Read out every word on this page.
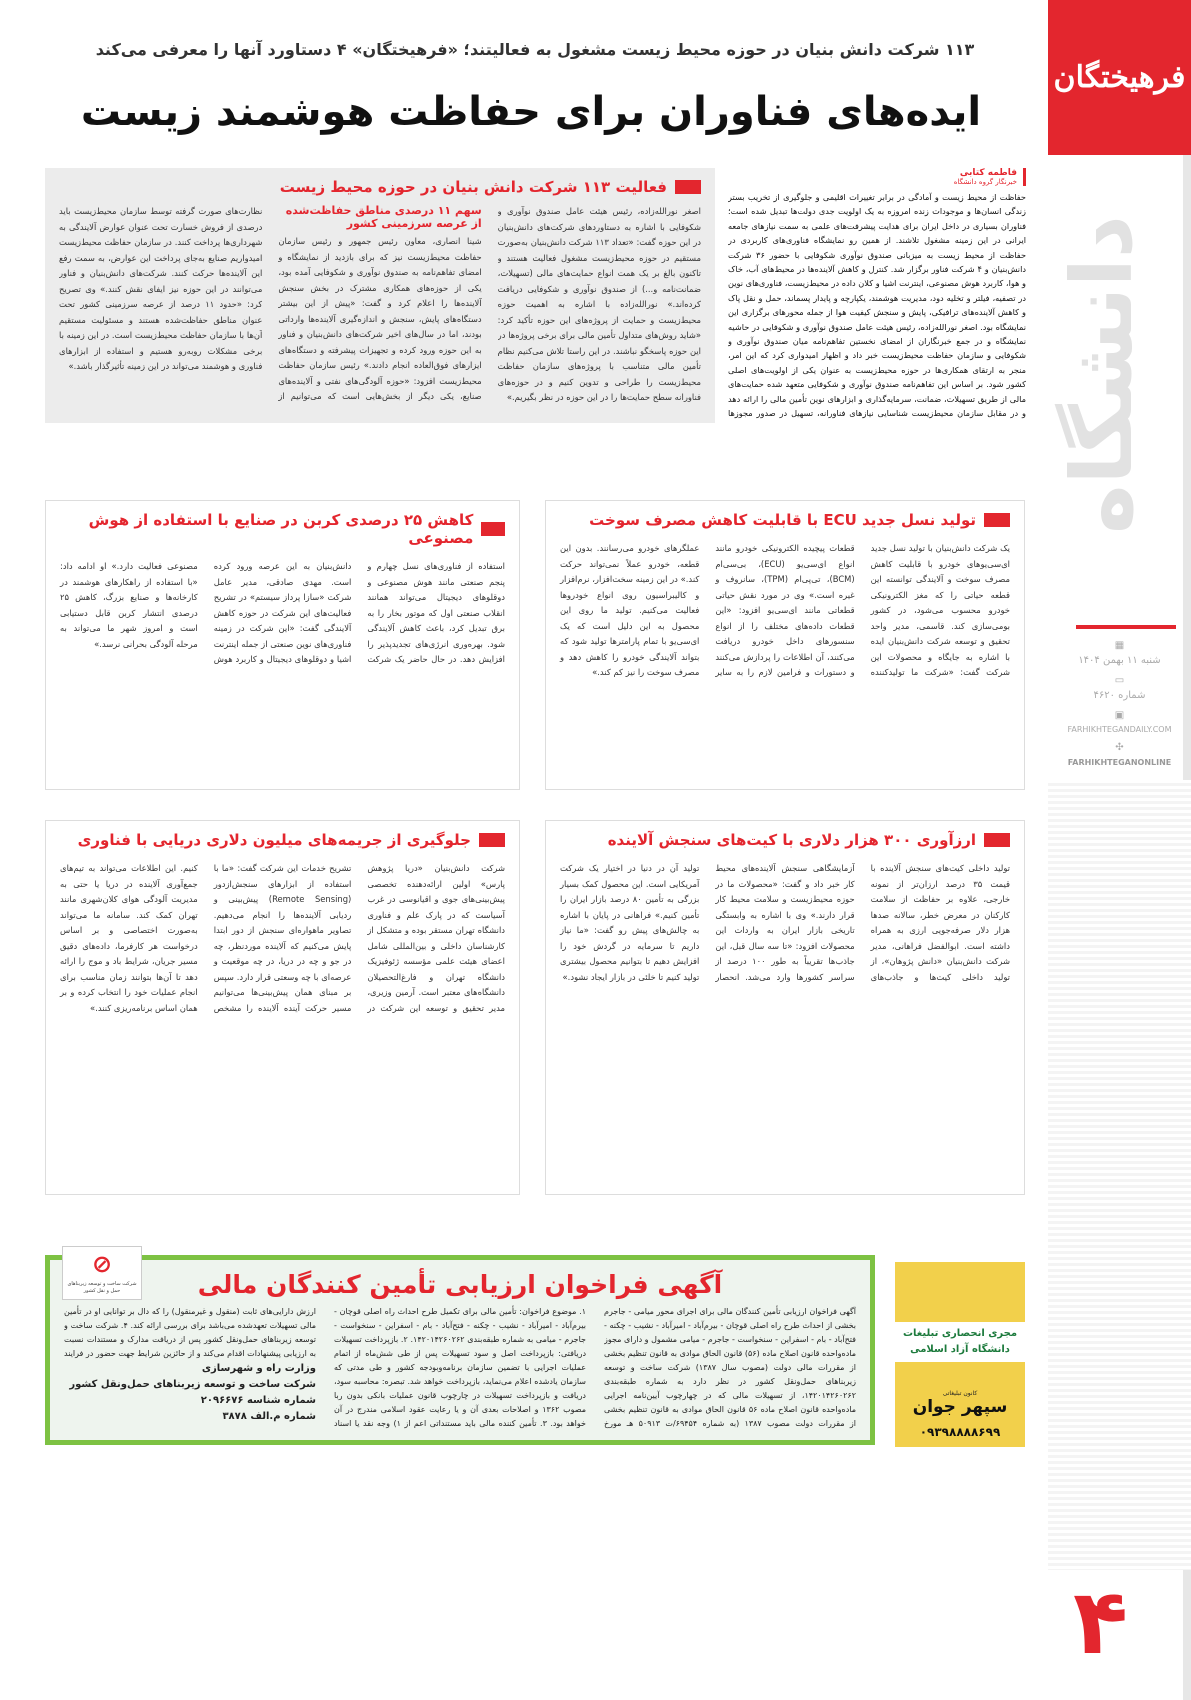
فرهیختگان
دانشگاه
▦
شنبه ۱۱ بهمن ۱۴۰۴
▭
شماره ۴۶۲۰
▣
FARHIKHTEGANDAILY.COM
✣
FARHIKHTEGANONLINE
۴
۱۱۳ شرکت دانش بنیان در حوزه محیط زیست مشغول به فعالیتند؛ «فرهیختگان» ۴ دستاورد آنها را معرفی می‌کند
ایده‌های فناوران برای حفاظت هوشمند زیست
فاطمه کتابی
خبرنگار گروه دانشگاه
حفاظت از محیط زیست و آمادگی در برابر تغییرات اقلیمی و جلوگیری از تخریب بستر زندگی انسان‌ها و موجودات زنده امروزه به یک اولویت جدی دولت‌ها تبدیل شده است؛ فناوران بسیاری در داخل ایران برای هدایت پیشرفت‌های علمی به سمت نیازهای جامعه ایرانی در این زمینه مشغول تلاشند. از همین رو نمایشگاه فناوری‌های کاربردی در حفاظت از محیط زیست به میزبانی صندوق نوآوری شکوفایی با حضور ۳۶ شرکت دانش‌بنیان و ۴ شرکت فناور برگزار شد. کنترل و کاهش آلاینده‌ها در محیط‌های آب، خاک و هوا، کاربرد هوش مصنوعی، اینترنت اشیا و کلان داده در محیط‌زیست، فناوری‌های نوین در تصفیه، فیلتر و تخلیه دود، مدیریت هوشمند، یکپارچه و پایدار پسماند، حمل و نقل پاک و کاهش آلاینده‌های ترافیکی، پایش و سنجش کیفیت هوا از جمله محورهای برگزاری این نمایشگاه بود. اصغر نورالله‌زاده، رئیس هیئت عامل صندوق نوآوری و شکوفایی در حاشیه نمایشگاه و در جمع خبرنگاران از امضای نخستین تفاهم‌نامه میان صندوق نوآوری و شکوفایی و سازمان حفاظت محیط‌زیست خبر داد و اظهار امیدواری کرد که این امر، منجر به ارتقای همکاری‌ها در حوزه محیط‌زیست به عنوان یکی از اولویت‌های اصلی کشور شود. بر اساس این تفاهم‌نامه صندوق نوآوری و شکوفایی متعهد شده حمایت‌های مالی از طریق تسهیلات، ضمانت، سرمایه‌گذاری و ابزارهای نوین تأمین مالی را ارائه دهد و در مقابل سازمان محیط‌زیست شناسایی نیازهای فناورانه، تسهیل در صدور مجوزها
فعالیت ۱۱۳ شرکت دانش بنیان در حوزه محیط زیست
اصغر نورالله‌زاده، رئیس هیئت عامل صندوق نوآوری و شکوفایی با اشاره به دستاوردهای شرکت‌های دانش‌بنیان در این حوزه گفت: «تعداد ۱۱۳ شرکت دانش‌بنیان به‌صورت مستقیم در حوزه محیط‌زیست مشغول فعالیت هستند و تاکنون بالغ بر یک همت انواع حمایت‌های مالی (تسهیلات، ضمانت‌نامه و...) از صندوق نوآوری و شکوفایی دریافت کرده‌اند.» نورالله‌زاده با اشاره به اهمیت حوزه محیط‌زیست و حمایت از پروژه‌های این حوزه تأکید کرد: «شاید روش‌های متداول تأمین مالی برای برخی پروژه‌ها در این حوزه پاسخگو نباشند. در این راستا تلاش می‌کنیم نظام تأمین مالی متناسب با پروژه‌های سازمان حفاظت محیط‌زیست را طراحی و تدوین کنیم و در حوزه‌های فناورانه سطح حمایت‌ها را در این حوزه در نظر بگیریم.»
سهم ۱۱ درصدی مناطق حفاظت‌شده از عرصه سرزمینی کشور
شینا انصاری، معاون رئیس جمهور و رئیس سازمان حفاظت محیط‌زیست نیز که برای بازدید از نمایشگاه و امضای تفاهم‌نامه به صندوق نوآوری و شکوفایی آمده بود، یکی از حوزه‌های همکاری مشترک در بخش سنجش آلاینده‌ها را اعلام کرد و گفت: «پیش از این بیشتر دستگاه‌های پایش، سنجش و اندازه‌گیری آلاینده‌ها وارداتی بودند، اما در سال‌های اخیر شرکت‌های دانش‌بنیان و فناور به این حوزه ورود کرده و تجهیزات پیشرفته و دستگاه‌های ایزارهای فوق‌العاده انجام دادند.» رئیس سازمان حفاظت محیط‌زیست افزود: «حوزه آلودگی‌های نفتی و آلاینده‌های صنایع، یکی دیگر از بخش‌هایی است که می‌توانیم از
نظارت‌های صورت گرفته توسط سازمان محیط‌زیست باید درصدی از فروش خسارت تحت عنوان عوارض آلایندگی به شهرداری‌ها پرداخت کنند. در سازمان حفاظت محیط‌زیست امیدواریم صنایع به‌جای پرداخت این عوارض، به سمت رفع این آلاینده‌ها حرکت کنند. شرکت‌های دانش‌بنیان و فناور می‌توانند در این حوزه نیز ایفای نقش کنند.» وی تصریح کرد: «حدود ۱۱ درصد از عرصه سرزمینی کشور تحت عنوان مناطق حفاظت‌شده هستند و مسئولیت مستقیم آن‌ها با سازمان حفاظت محیط‌زیست است. در این زمینه با برخی مشکلات روبه‌رو هستیم و استفاده از ابزارهای فناوری و هوشمند می‌تواند در این زمینه تأثیرگذار باشد.»
تولید نسل جدید ECU با قابلیت کاهش مصرف سوخت
یک شرکت دانش‌بنیان با تولید نسل جدید ای‌سی‌یو‌های خودرو با قابلیت کاهش مصرف سوخت و آلایندگی توانسته این قطعه حیاتی را که مغز الکترونیکی خودرو محسوب می‌شود، در کشور بومی‌سازی کند. قاسمی، مدیر واحد تحقیق و توسعه شرکت دانش‌بنیان ایده با اشاره به جایگاه و محصولات این شرکت گفت: «شرکت ما تولیدکننده قطعات پیچیده الکترونیکی خودرو مانند انواع ای‌سی‌یو (ECU)، بی‌سی‌ام (BCM)، تی‌پی‌ام (TPM)، سانروف و غیره است.» وی در مورد نقش حیاتی قطعاتی مانند ای‌سی‌یو افزود: «این قطعات داده‌های مختلف را از انواع سنسورهای داخل خودرو دریافت می‌کنند، آن اطلاعات را پردازش می‌کنند و دستورات و فرامین لازم را به سایر عملگرهای خودرو می‌رسانند. بدون این قطعه، خودرو عملاً نمی‌تواند حرکت کند.» در این زمینه سخت‌افزار، نرم‌افزار و کالیبراسیون روی انواع خودروها فعالیت می‌کنیم. تولید ما روی این محصول به این دلیل است که یک ای‌سی‌یو با تمام پارامترها تولید شود که بتواند آلایندگی خودرو را کاهش دهد و مصرف سوخت را نیز کم کند.»
کاهش ۲۵ درصدی کربن در صنایع با استفاده از هوش مصنوعی
استفاده از فناوری‌های نسل چهارم و پنجم صنعتی مانند هوش مصنوعی و دوقلوهای دیجیتال می‌تواند همانند انقلاب صنعتی اول که موتور بخار را به برق تبدیل کرد، باعث کاهش آلایندگی شود. بهره‌وری انرژی‌های تجدیدپذیر را افزایش دهد. در حال حاضر یک شرکت دانش‌بنیان به این عرصه ورود کرده است. مهدی صادقی، مدیر عامل شرکت «سازا پرداز سیستم» در تشریح فعالیت‌های این شرکت در حوزه کاهش آلایندگی گفت: «این شرکت در زمینه فناوری‌های نوین صنعتی از جمله اینترنت اشیا و دوقلوهای دیجیتال و کاربرد هوش مصنوعی فعالیت دارد.» او ادامه داد: «با استفاده از راهکارهای هوشمند در کارخانه‌ها و صنایع بزرگ، کاهش ۲۵ درصدی انتشار کربن قابل دستیابی است و امروز شهر ما می‌تواند به مرحله آلودگی بحرانی نرسد.»
ارزآوری ۳۰۰ هزار دلاری با کیت‌های سنجش آلاینده
تولید داخلی کیت‌های سنجش آلاینده با قیمت ۳۵ درصد ارزان‌تر از نمونه خارجی، علاوه بر حفاظت از سلامت کارکنان در معرض خطر، سالانه صدها هزار دلار صرفه‌جویی ارزی به همراه داشته است. ابوالفضل فراهانی، مدیر شرکت دانش‌بنیان «دانش پژوهان»، از تولید داخلی کیت‌ها و جاذب‌های آزمایشگاهی سنجش آلاینده‌های محیط کار خبر داد و گفت: «محصولات ما در حوزه محیط‌زیست و سلامت محیط کار قرار دارند.» وی با اشاره به وابستگی تاریخی بازار ایران به واردات این محصولات افزود: «تا سه سال قبل، این جاذب‌ها تقریباً به طور ۱۰۰ درصد از سراسر کشورها وارد می‌شد. انحصار تولید آن در دنیا در اختیار یک شرکت آمریکایی است. این محصول کمک بسیار بزرگی به تأمین ۸۰ درصد بازار ایران را تأمین کنیم.» فراهانی در پایان با اشاره به چالش‌های پیش رو گفت: «ما نیاز داریم تا سرمایه در گردش خود را افزایش دهیم تا بتوانیم محصول بیشتری تولید کنیم تا خلئی در بازار ایجاد نشود.»
جلوگیری از جریمه‌های میلیون دلاری دریایی با فناوری
شرکت دانش‌بنیان «دریا پژوهش پارس» اولین ارائه‌دهنده تخصصی پیش‌بینی‌های جوی و اقیانوسی در غرب آسیاست که در پارک علم و فناوری دانشگاه تهران مستقر بوده و متشکل از کارشناسان داخلی و بین‌المللی شامل اعضای هیئت علمی مؤسسه ژئوفیزیک دانشگاه تهران و فارغ‌التحصیلان دانشگاه‌های معتبر است. آرمین وزیری، مدیر تحقیق و توسعه این شرکت در تشریح خدمات این شرکت گفت: «ما با استفاده از ابزارهای سنجش‌از‌دور (Remote Sensing) پیش‌بینی و ردیابی آلاینده‌ها را انجام می‌دهیم. تصاویر ماهواره‌ای سنجش از دور ابتدا پایش می‌کنیم که آلاینده موردنظر، چه در جو و چه در دریا، در چه موقعیت و عرصه‌ای با چه وسعتی قرار دارد. سپس بر مبنای همان پیش‌بینی‌ها می‌توانیم مسیر حرکت آینده آلاینده را مشخص کنیم. این اطلاعات می‌تواند به تیم‌های جمع‌آوری آلاینده در دریا یا حتی به مدیریت آلودگی هوای کلان‌شهری مانند تهران کمک کند. سامانه ما می‌تواند به‌صورت اختصاصی و بر اساس درخواست هر کارفرما، داده‌های دقیق مسیر جریان، شرایط باد و موج را ارائه دهد تا آن‌ها بتوانند زمان مناسب برای انجام عملیات خود را انتخاب کرده و بر همان اساس برنامه‌ریزی کنند.»
⊘
شرکت ساخت و توسعه زیربناهای حمل و نقل کشور	آگهی فراخوان ارزیابی تأمین کنندگان مالی
آگهی فراخوان ارزیابی تأمین کنندگان مالی برای اجرای محور میامی - جاجرم بخشی از احداث طرح راه اصلی قوچان - بیرم‌آباد - امیرآباد - نشیب - چکنه - فتح‌آباد - بام - اسفراین - سنخواست - جاجرم - میامی مشمول و دارای مجوز ماده‌واحده قانون اصلاح ماده (۵۶) قانون الحاق موادی به قانون تنظیم بخشی از مقررات مالی دولت (مصوب سال ۱۳۸۷) شرکت ساخت و توسعه زیربناهای حمل‌ونقل کشور در نظر دارد به شماره طبقه‌بندی ۱۴۲۰۱۴۲۶۰۲۶۲، از تسهیلات مالی که در چهارچوب آیین‌نامه اجرایی ماده‌واحده قانون اصلاح ماده ۵۶ قانون الحاق موادی به قانون تنظیم بخشی از مقررات دولت مصوب ۱۳۸۷ (به شماره ۶۹۴۵۴/ت ۵۰۹۱۳ هـ مورخ
۱. موضوع فراخوان: تأمین مالی برای تکمیل طرح احداث راه اصلی قوچان - بیرم‌آباد - امیرآباد - نشیب - چکنه - فتح‌آباد - بام - اسفراین - سنخواست - جاجرم - میامی به شماره طبقه‌بندی ۱۴۲۰۱۴۲۶۰۲۶۲. ۲. بازپرداخت تسهیلات دریافتی: بازپرداخت اصل و سود تسهیلات پس از طی شش‌ماه از اتمام عملیات اجرایی با تضمین سازمان برنامه‌وبودجه کشور و طی مدتی که سازمان یادشده اعلام می‌نماید، بازپرداخت خواهد شد. تبصره: محاسبه سود، دریافت و بازپرداخت تسهیلات در چارچوب قانون عملیات بانکی بدون ربا مصوب ۱۳۶۲ و اصلاحات بعدی آن و یا رعایت عقود اسلامی مندرج در آن خواهد بود. ۳. تأمین کننده مالی باید مستنداتی اعم از ۱) وجه نقد یا اسناد
ارزش دارایی‌های ثابت (منقول و غیرمنقول) را که دال بر توانایی او در تأمین مالی تسهیلات تعهدشده می‌باشد برای بررسی ارائه کند. ۴. شرکت ساخت و توسعه زیربناهای حمل‌ونقل کشور پس از دریافت مدارک و مستندات نسبت به ارزیابی پیشنهادات اقدام می‌کند و از حائزین شرایط جهت حضور در فرایند
وزارت راه و شهرسازی
شرکت ساخت و توسعه زیربناهای حمل‌ونقل کشور
شماره شناسه ۲۰۹۶۶۷۶
شماره م.الف ۳۸۷۸
مجری انحصاری تبلیغات
دانشگاه آزاد اسلامی
کانون تبلیغاتی
سپهر جوان
۰۹۳۹۸۸۸۸۶۹۹
